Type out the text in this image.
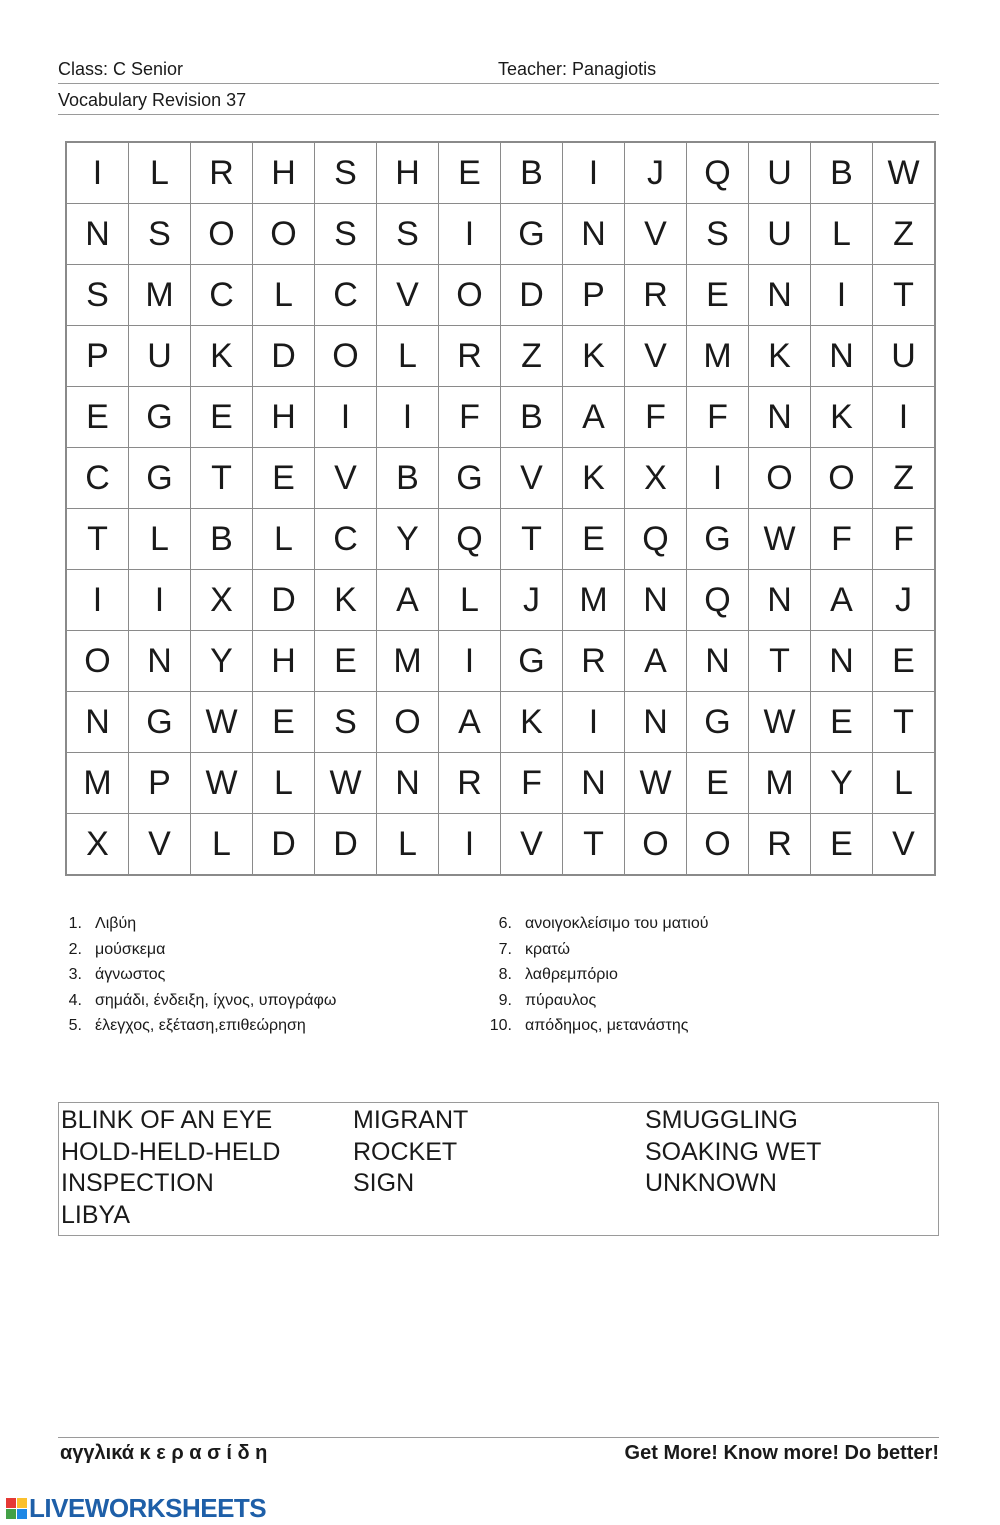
Class: C Senior	Teacher: Panagiotis
Vocabulary Revision 37
I	L	R	H	S	H	E	B	I	J	Q	U	B	W
N	S	O	O	S	S	I	G	N	V	S	U	L	Z
S	M	C	L	C	V	O	D	P	R	E	N	I	T
P	U	K	D	O	L	R	Z	K	V	M	K	N	U
E	G	E	H	I	I	F	B	A	F	F	N	K	I
C	G	T	E	V	B	G	V	K	X	I	O	O	Z
T	L	B	L	C	Y	Q	T	E	Q	G	W	F	F
I	I	X	D	K	A	L	J	M	N	Q	N	A	J
O	N	Y	H	E	M	I	G	R	A	N	T	N	E
N	G	W	E	S	O	A	K	I	N	G	W	E	T
M	P	W	L	W	N	R	F	N	W	E	M	Y	L
X	V	L	D	D	L	I	V	T	O	O	R	E	V
1. Λιβύη
2. μούσκεμα
3. άγνωστος
4. σημάδι, ένδειξη, ίχνος, υπογράφω
5. έλεγχος, εξέταση,επιθεώρηση
6. ανοιγοκλείσιμο του ματιού
7. κρατώ
8. λαθρεμπόριο
9. πύραυλος
10. απόδημος, μετανάστης
BLINK OF AN EYE	MIGRANT	SMUGGLING
HOLD-HELD-HELD	ROCKET	SOAKING WET
INSPECTION	SIGN	UNKNOWN
LIBYA
αγγλικά κ ε ρ α σ ί δ η	Get More! Know more! Do better!
LIVEWORKSHEETS
